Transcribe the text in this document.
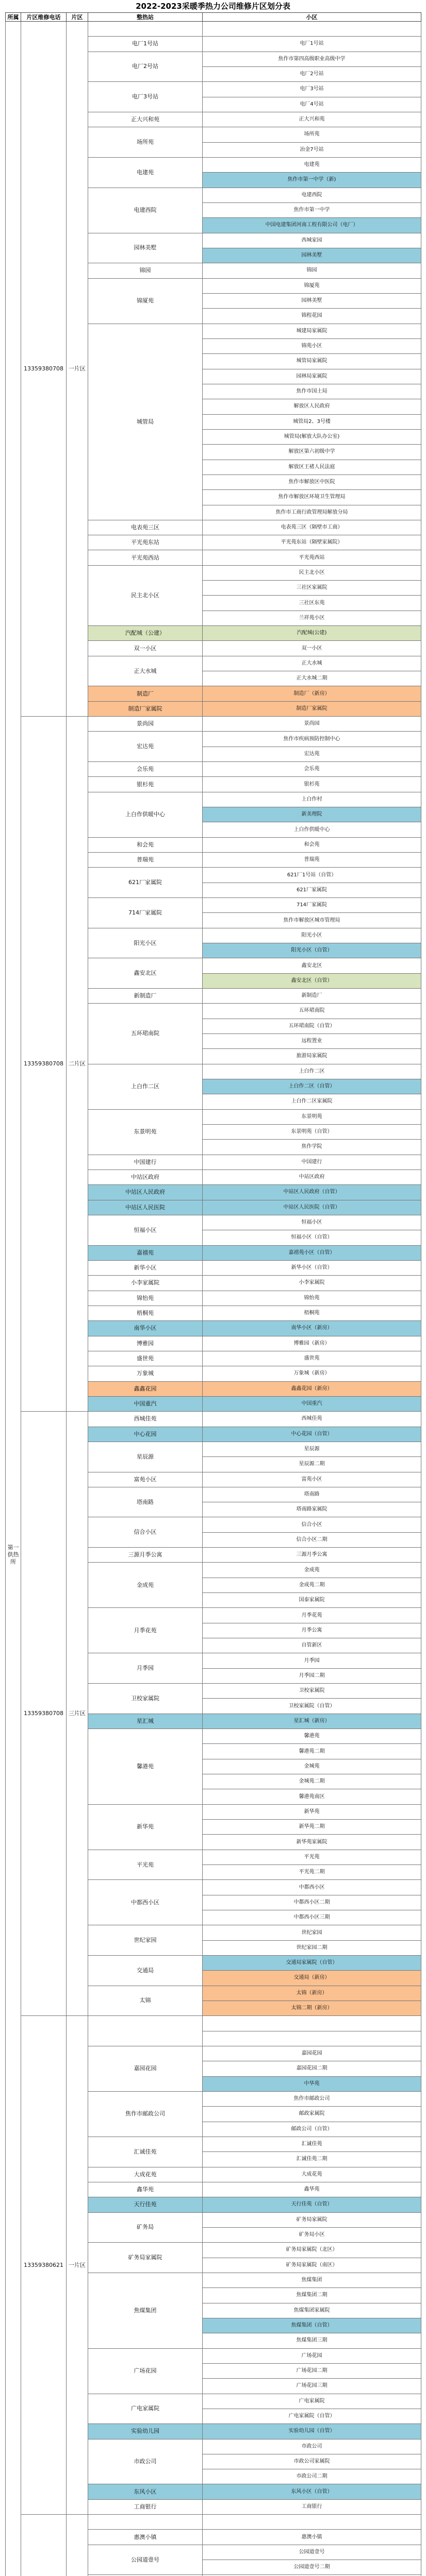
2022-2023采暖季热力公司维修片区划分表
所属	片区维修电话	片区	整热站	小区
第一供热所	13359380708	一片区		
			电厂1号站	电厂1号站
			电厂2号站	焦作市第四高级职业高级中学
				电厂2号站
			电厂3号站	电厂3号站
				电厂4号站
			正大兴和苑	正大兴和苑
			场所苑	场所苑
				冶金7号站
			电建苑	电建苑
				焦作市第一中学（新)
			电建西院	电建西院
				焦作市第一中学
				中国电建集团河南工程有限公司（电厂）
			园林美墅	西城家园
				园林美墅
			锦园	锦园
			锦厦苑	锦厦苑
				园林美墅
				锦程花园
			城管局	城建局家属院
				锦苑小区
				城管局家属院
				园林局家属院
				焦作市国土局
				解放区人民政府
				城管局2、3号楼
				城管局(解放大队办公室)
				解放区第六初级中学
				解放区王褚人民法庭
				焦作市解放区中医院
				焦作市解放区环境卫生管理局
				焦作市工商行政管理局解放分局
			电表苑三区	电表苑三区（隔壁市工商）
			平光苑东站	平光苑东站（隔壁家属院）
			平光苑西站	平光苑西站
			民主北小区	民主北小区
				三社区家属院
				三社区东苑
				兰祥苑小区
			汽配城（公建）	汽配城(公建)
			双一小区	双一小区
			正大水城	正大水城
				正大水城二期
			制造厂	制造厂（新房）
			制造厂家属院	制造厂家属院
	13359380708	二片区	景尚园	景尚园
			宏达苑	焦作市疾病预防控制中心
				宏达苑
			会乐苑	会乐苑
			银杉苑	银杉苑
			上白作供暖中心	上白作村
				新美理院
				上白作供暖中心
			和会苑	和会苑
			普瑞苑	普瑞苑
			621厂家属院	621厂1号站（自管）
				621厂家属院
			714厂家属院	714厂家属院
				焦作市解放区城市管理局
			阳光小区	阳光小区
				阳光小区（自管）
			鑫安北区	鑫安北区
				鑫安北区（自管）
			新制造厂	新制造厂
			五环珺南院	五环珺南院
				五环珺南院（自管）
				远程置业
				旅游局家属院
			上白作二区	上白作二区
				上白作二区（自管）
				上白作二区家属院
			东景明苑	东景明苑
				东景明苑（自管）
				焦作学院
			中国建行	中国建行
			中站区政府	中站区政府
			中站区人民政府	中站区人民政府（自管）
			中站区人民医院	中站区人民医院（自管）
			恒福小区	恒福小区
				恒福小区（自管）
			嘉禧苑	嘉禧苑小区（自管）
			新华小区	新华小区（自管）
			小李家属院	小李家属院
			锦怡苑	锦怡苑
			梧桐苑	梧桐苑
			南华小区	南华小区（新房）
			博雅园	博雅园（新房）
			盛世苑	盛世苑
			万象城	万象城（新房）
			鑫鑫花园	鑫鑫花园（新房）
			中国重汽	中国重汽
	13359380708	三片区	西城佳苑	西城佳苑
			中心花园	中心花园（自管）
			星辰源	星辰源
				星辰源二期
			富苑小区	富苑小区
			塔南路	塔南路
				塔南路家属院
			信合小区	信合小区
				信合小区二期
			三源月季公寓	三源月季公寓
			金成苑	金成苑
				金成苑二期
				国泰家属院
			月季花苑	月季花苑
				月季公寓
				自管新区
			月季园	月季园
				月季园二期
			卫校家属院	卫校家属院
				卫校家属院（自管）
			星汇城	星汇城（新房）
			馨港苑	馨港苑
				馨港苑二期
				金城苑
				金城苑二期
				馨港苑南区
			新华苑	新华苑
				新华苑二期
				新华苑家属院
			平光苑	平光苑
				平光苑二期
			中都西小区	中都西小区
				中都西小区二期
				中都西小区三期
			世纪家园	世纪家园
				世纪家园二期
			交通局	交通局家属院（自管）
				交通局（新房）
			太锦	太锦（新房）
				太锦二期（新房）
	13359380621	一片区		

			嘉园花园	嘉园花园
				嘉园花园二期
				中华苑
			焦作市邮政公司	焦作市邮政公司
				邮政家属院
				邮政公司（自管）
			汇诚佳苑	汇诚佳苑
				汇诚佳苑二期
			大成花苑	大成花苑
			鑫华苑	鑫华苑
			天行佳苑	天行佳苑（自管）
			矿务局	矿务局家属院
				矿务局小区
			矿务局家属院	矿务局家属院（北区）
				矿务局家属院（南区）
			焦煤集团	焦煤集团
				焦煤集团二期
				焦煤集团家属院
				焦煤集团（自管）
				焦煤集团三期
			广场花园	广场花园
				广场花园二期
				广场花园三期
			广电家属院	广电家属院
				广电家属院（自管）
			实验幼儿园	实验幼儿园（自管）
			市政公司	市政公司
				市政公司家属院
				市政公司二期
			东风小区	东风小区（自管）
			工商银行	工商银行

			惠澳小镇	惠澳小镇
			公园道壹号	公园道壹号
				公园道壹号二期
